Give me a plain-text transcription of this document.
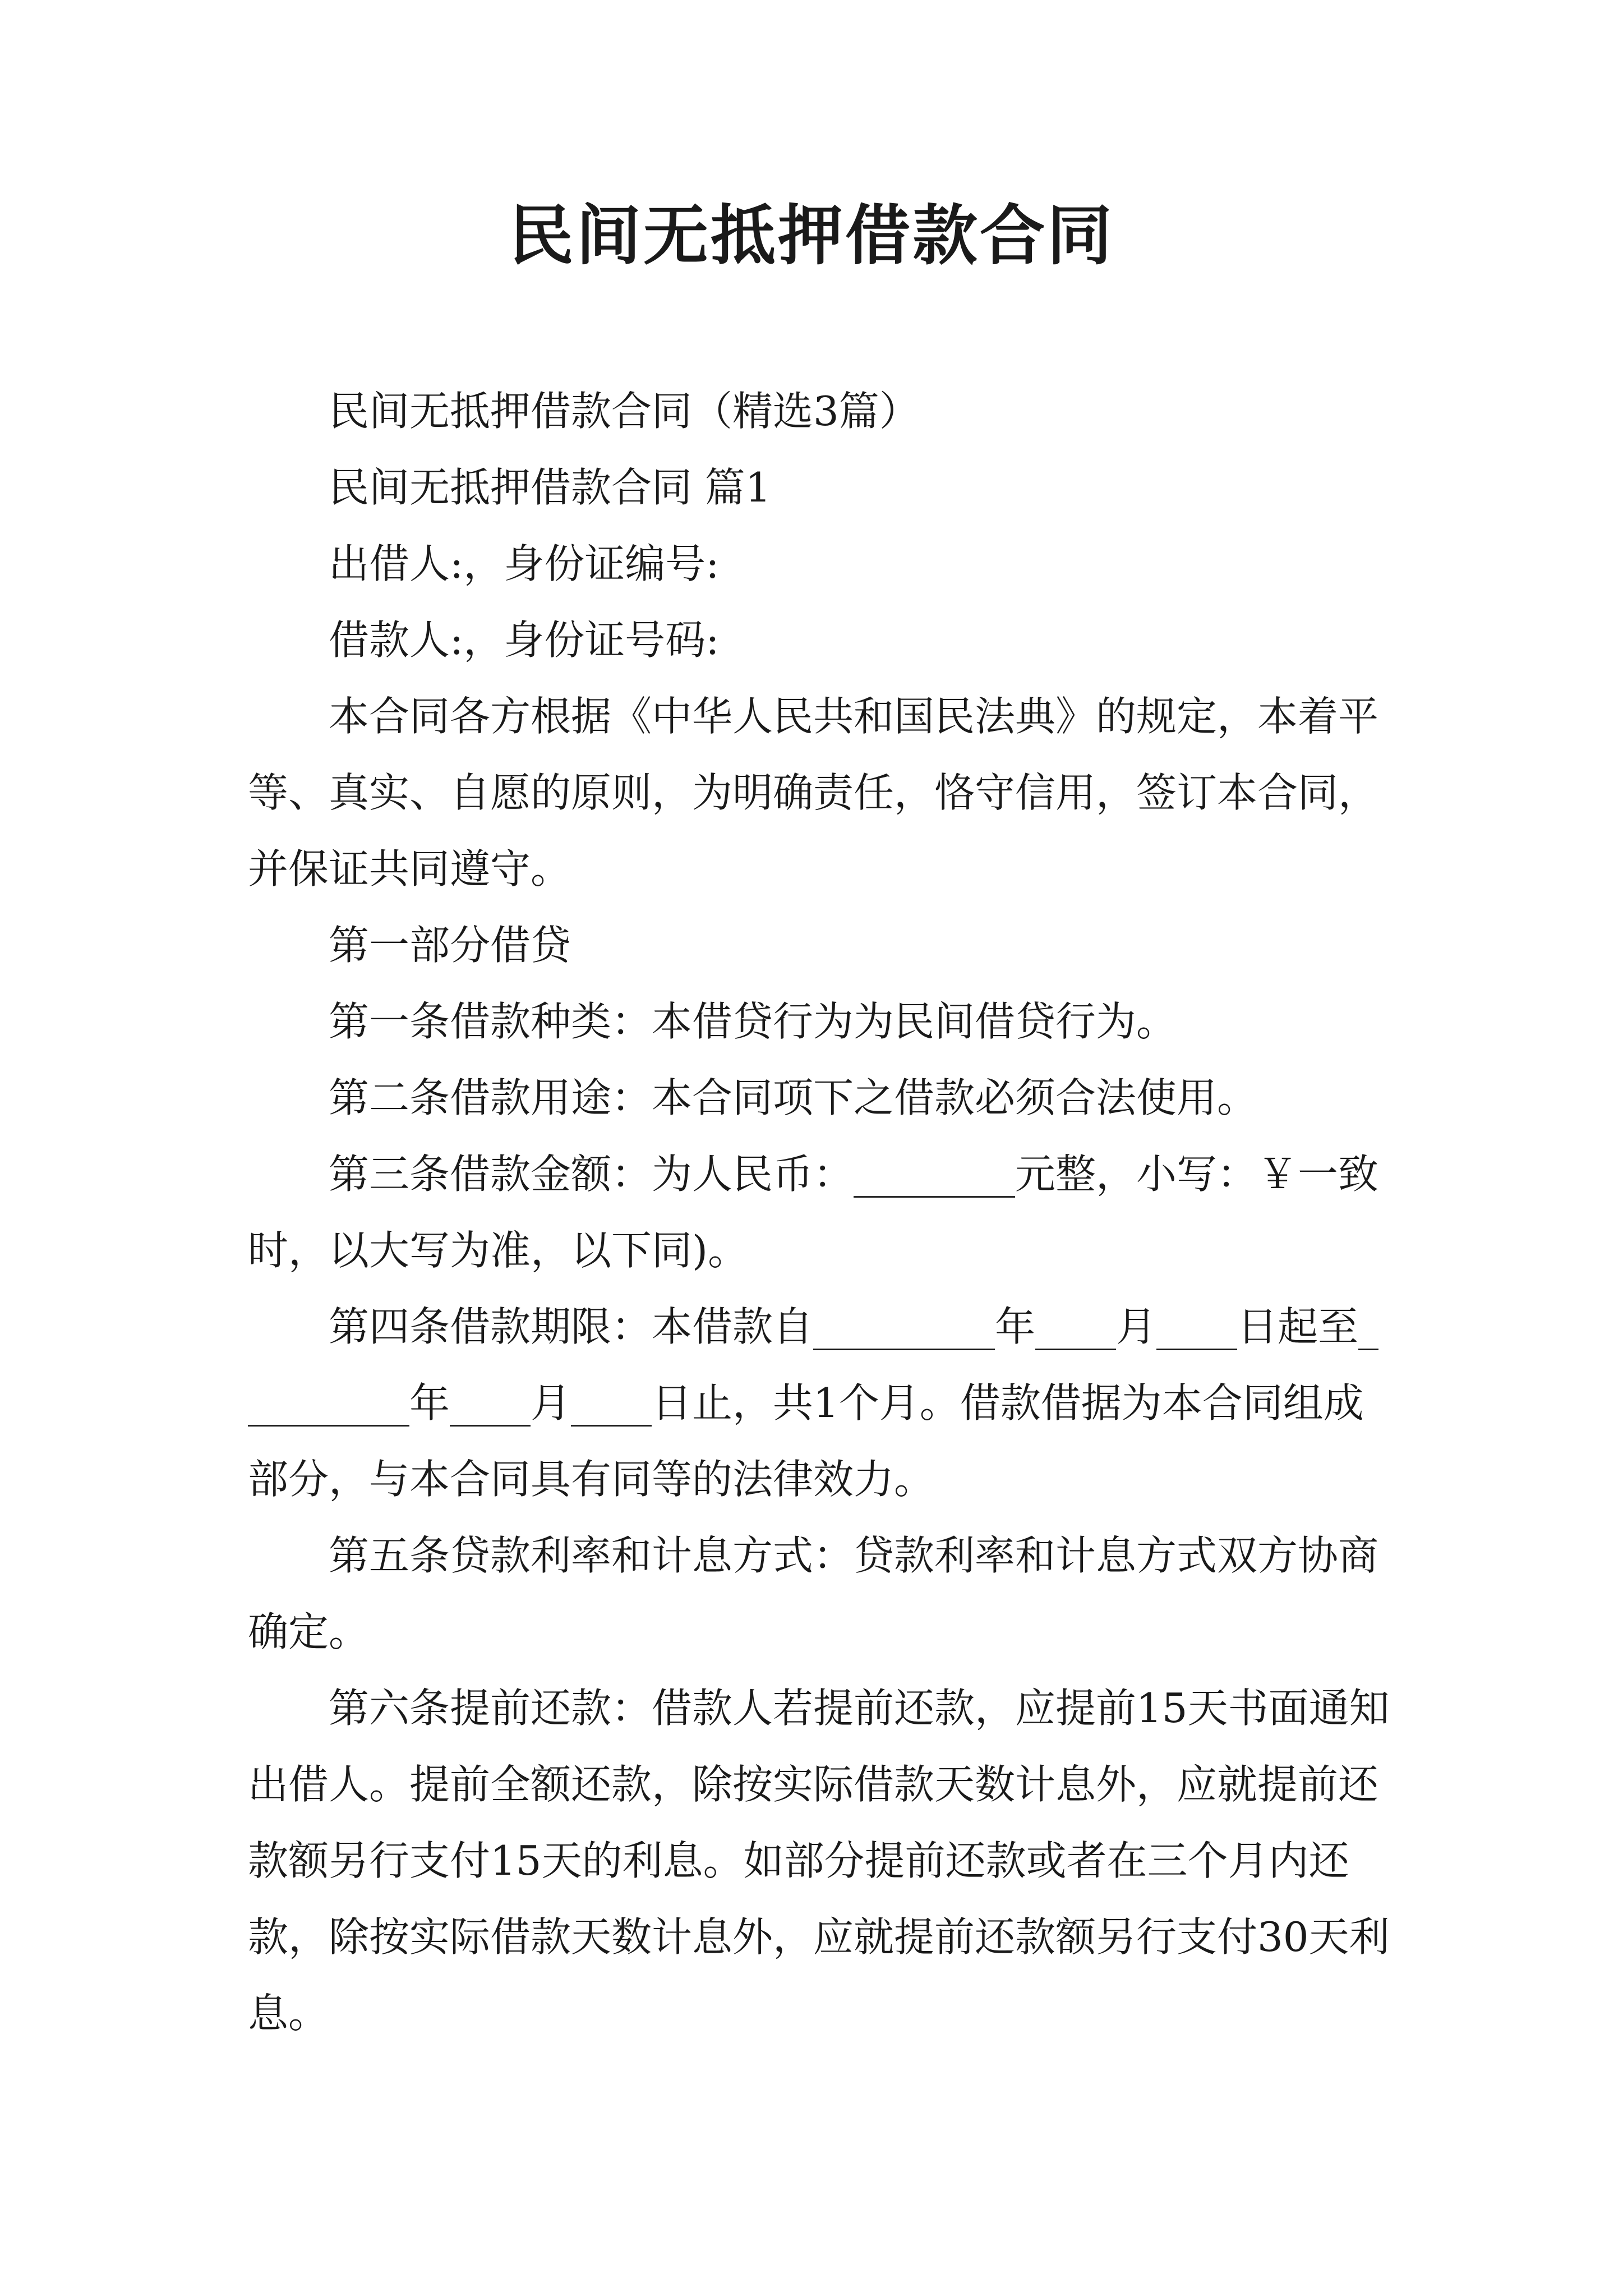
民间无抵押借款合同

民间无抵押借款合同（精选3篇）

民间无抵押借款合同 篇1

出借人:，身份证编号:

借款人:，身份证号码:

本合同各方根据《中华人民共和国民法典》的规定，本着平等、真实、自愿的原则，为明确责任，恪守信用，签订本合同，并保证共同遵守。

第一部分借贷

第一条借款种类：本借贷行为为民间借贷行为。

第二条借款用途：本合同项下之借款必须合法使用。

第三条借款金额：为人民币：________元整，小写：￥一致时，以大写为准，以下同)。

第四条借款期限：本借款自_________年____月____日起至_________年____月____日止，共1个月。借款借据为本合同组成部分，与本合同具有同等的法律效力。

第五条贷款利率和计息方式：贷款利率和计息方式双方协商确定。

第六条提前还款：借款人若提前还款，应提前15天书面通知出借人。提前全额还款，除按实际借款天数计息外，应就提前还款额另行支付15天的利息。如部分提前还款或者在三个月内还款，除按实际借款天数计息外，应就提前还款额另行支付30天利息。
